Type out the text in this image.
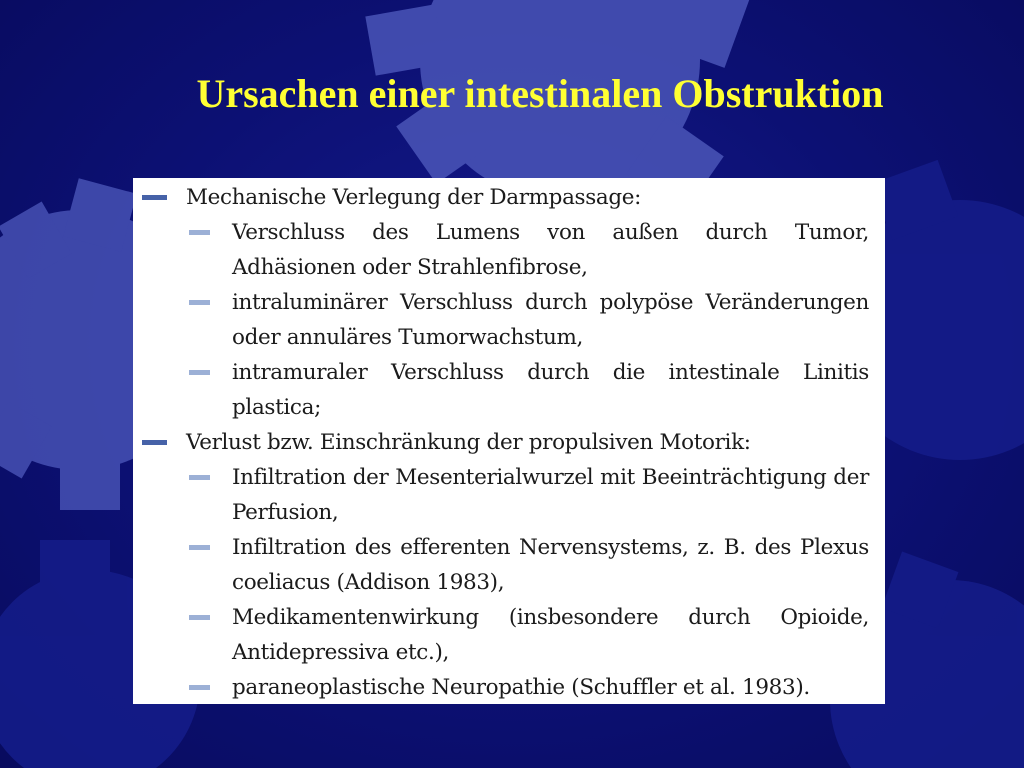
Ursachen einer intestinalen Obstruktion
Mechanische Verlegung der Darmpassage:
Verschluss des Lumens von außen durch Tumor, Adhäsionen oder Strahlenfibrose,
intraluminärer Verschluss durch polypöse Veränderungen oder annuläres Tumorwachstum,
intramuraler Verschluss durch die intestinale Linitis plastica;
Verlust bzw. Einschränkung der propulsiven Motorik:
Infiltration der Mesenterialwurzel mit Beeinträchtigung der Perfusion,
Infiltration des efferenten Nervensystems, z. B. des Plexus coeliacus (Addison 1983),
Medikamentenwirkung (insbesondere durch Opioide, Antidepressiva etc.),
paraneoplastische Neuropathie (Schuffler et al. 1983).
